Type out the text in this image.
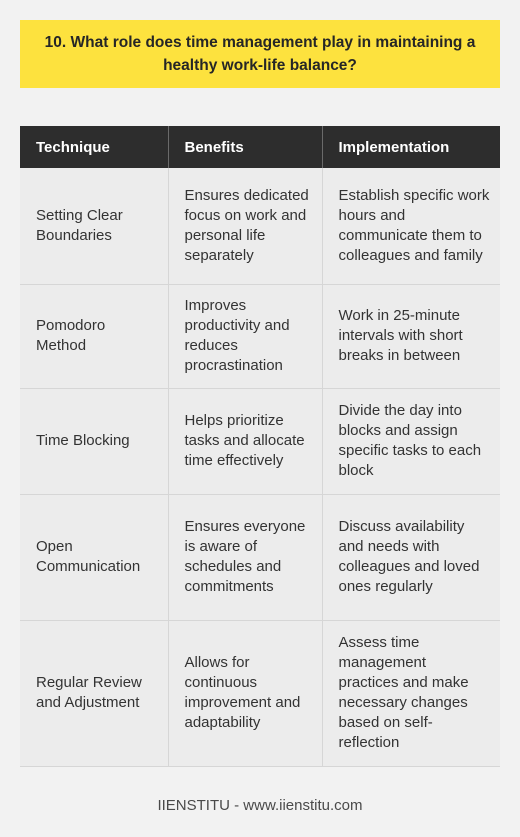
10. What role does time management play in maintaining a healthy work-life balance?
Technique	Benefits	Implementation
Setting Clear Boundaries	Ensures dedicated focus on work and personal life separately	Establish specific work hours and communicate them to colleagues and family
Pomodoro Method	Improves productivity and reduces procrastination	Work in 25-minute intervals with short breaks in between
Time Blocking	Helps prioritize tasks and allocate time effectively	Divide the day into blocks and assign specific tasks to each block
Open Communication	Ensures everyone is aware of schedules and commitments	Discuss availability and needs with colleagues and loved ones regularly
Regular Review and Adjustment	Allows for continuous improvement and adaptability	Assess time management practices and make necessary changes based on self-reflection
IIENSTITU - www.iienstitu.com
